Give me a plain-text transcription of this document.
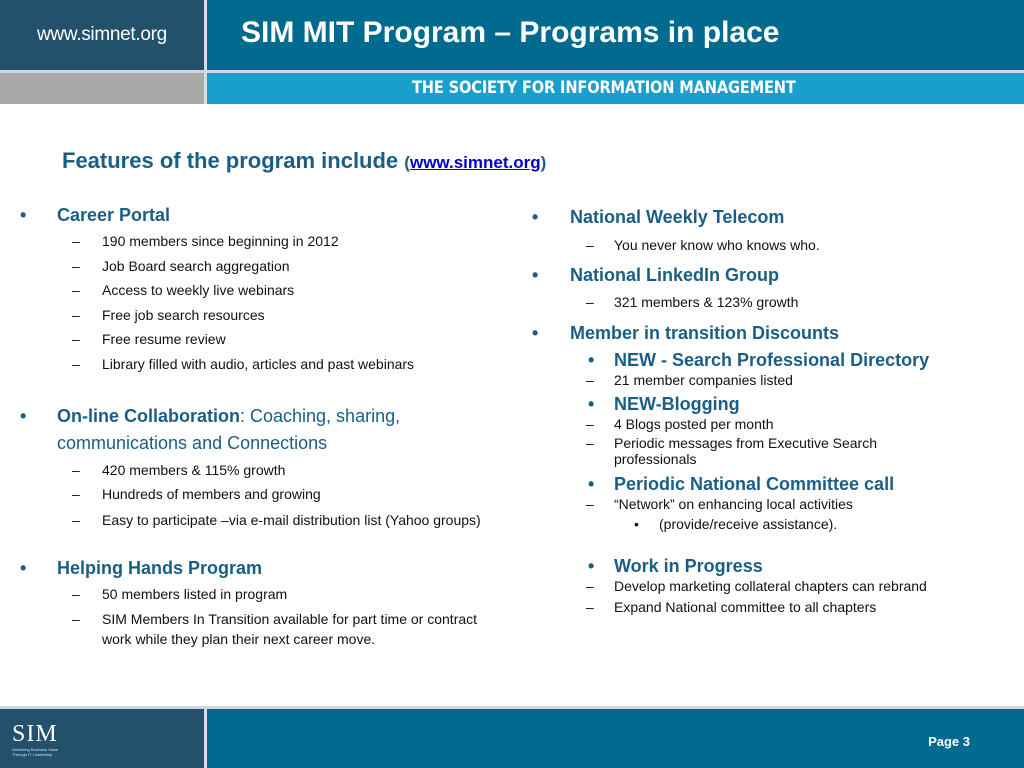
www.simnet.org SIM MIT Program – Programs in place
THE SOCIETY FOR INFORMATION MANAGEMENT
Features of the program include (www.simnet.org)
• Career Portal
– 190 members since beginning in 2012
– Job Board search aggregation
– Access to weekly live webinars
– Free job search resources
– Free resume review
– Library filled with audio, articles and past webinars
• On-line Collaboration: Coaching, sharing, communications and Connections
– 420 members & 115% growth
– Hundreds of members and growing
– Easy to participate –via e-mail distribution list (Yahoo groups)
• Helping Hands Program
– 50 members listed in program
– SIM Members In Transition available for part time or contract work while they plan their next career move.
• National Weekly Telecom
– You never know who knows who.
• National LinkedIn Group
– 321 members & 123% growth
• Member in transition Discounts
• NEW - Search Professional Directory
– 21 member companies listed
• NEW-Blogging
– 4 Blogs posted per month
– Periodic messages from Executive Search professionals
• Periodic National Committee call
– “Network” on enhancing local activities
• (provide/receive assistance).
• Work in Progress
– Develop marketing collateral chapters can rebrand
– Expand National committee to all chapters
SIM
Delivering Business Value Through IT Leadership
Page 3
